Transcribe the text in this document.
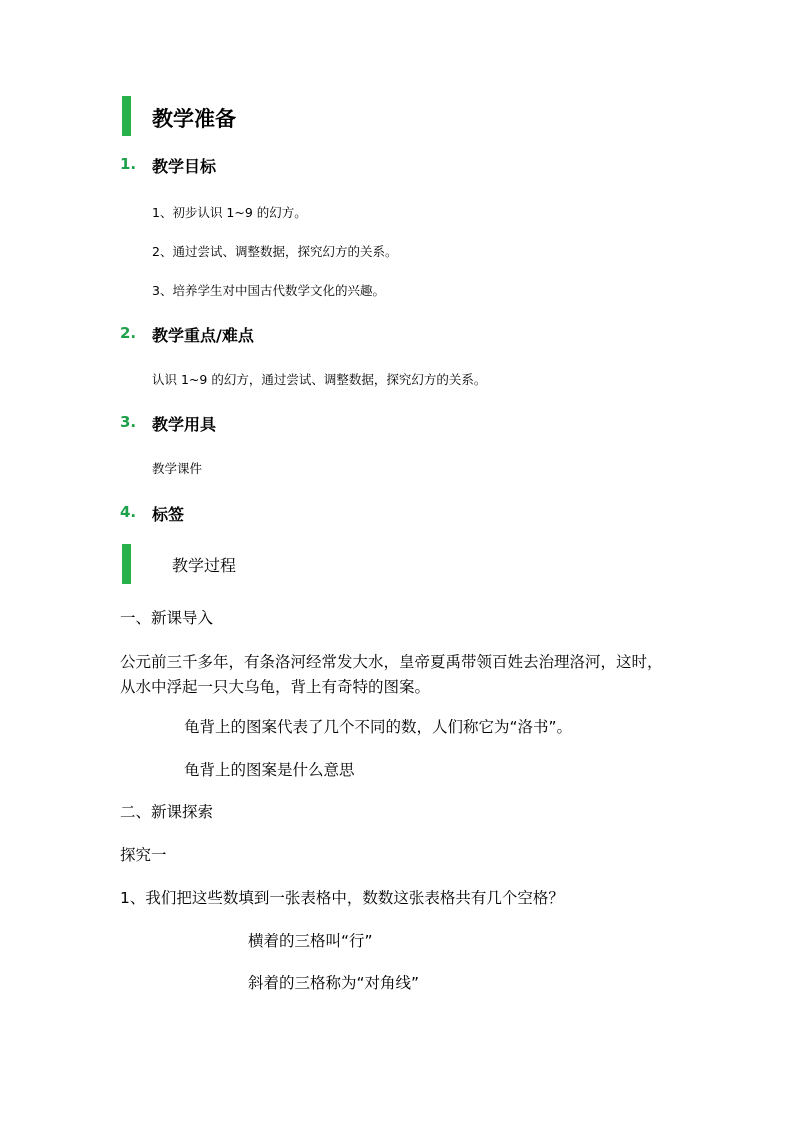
教学准备
1. 教学目标
1、初步认识 1~9 的幻方。
2、通过尝试、调整数据，探究幻方的关系。
3、培养学生对中国古代数学文化的兴趣。
2. 教学重点/难点
认识 1~9 的幻方，通过尝试、调整数据，探究幻方的关系。
3. 教学用具
教学课件
4. 标签
教学过程
一、新课导入
公元前三千多年，有条洛河经常发大水，皇帝夏禹带领百姓去治理洛河，这时，
从水中浮起一只大乌龟，背上有奇特的图案。
龟背上的图案代表了几个不同的数，人们称它为“洛书”。
龟背上的图案是什么意思
二、新课探索
探究一
1、我们把这些数填到一张表格中，数数这张表格共有几个空格？
横着的三格叫“行”
斜着的三格称为“对角线”
